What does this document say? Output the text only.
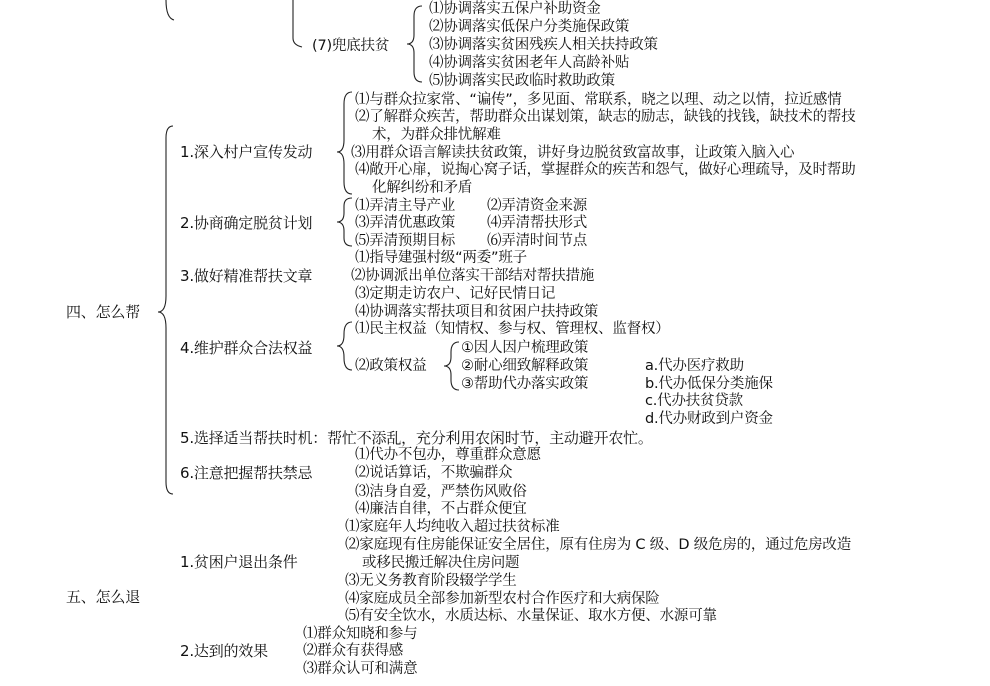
(7)兜底扶贫
⑴协调落实五保户补助资金
⑵协调落实低保户分类施保政策
⑶协调落实贫困残疾人相关扶持政策
⑷协调落实贫困老年人高龄补贴
⑸协调落实民政临时救助政策
四、怎么帮
1.深入村户宣传发动
⑴与群众拉家常、“谝传”，多见面、常联系，晓之以理、动之以情，拉近感情
⑵了解群众疾苦，帮助群众出谋划策，缺志的励志，缺钱的找钱，缺技术的帮技
术，为群众排忧解难
⑶用群众语言解读扶贫政策，讲好身边脱贫致富故事，让政策入脑入心
⑷敞开心扉，说掏心窝子话，掌握群众的疾苦和怨气，做好心理疏导，及时帮助
化解纠纷和矛盾
2.协商确定脱贫计划
⑴弄清主导产业 ⑵弄清资金来源
⑶弄清优惠政策 ⑷弄清帮扶形式
⑸弄清预期目标 ⑹弄清时间节点
3.做好精准帮扶文章
⑴指导建强村级“两委”班子
⑵协调派出单位落实干部结对帮扶措施
⑶定期走访农户、记好民情日记
⑷协调落实帮扶项目和贫困户扶持政策
4.维护群众合法权益
⑴民主权益（知情权、参与权、管理权、监督权）
⑵政策权益
①因人因户梳理政策
②耐心细致解释政策
③帮助代办落实政策
a.代办医疗救助
b.代办低保分类施保
c.代办扶贫贷款
d.代办财政到户资金
5.选择适当帮扶时机：帮忙不添乱，充分利用农闲时节，主动避开农忙。
6.注意把握帮扶禁忌
⑴代办不包办，尊重群众意愿
⑵说话算话，不欺骗群众
⑶洁身自爱，严禁伤风败俗
⑷廉洁自律，不占群众便宜
五、怎么退
1.贫困户退出条件
⑴家庭年人均纯收入超过扶贫标准
⑵家庭现有住房能保证安全居住，原有住房为 C 级、D 级危房的，通过危房改造
或移民搬迁解决住房问题
⑶无义务教育阶段辍学学生
⑷家庭成员全部参加新型农村合作医疗和大病保险
⑸有安全饮水，水质达标、水量保证、取水方便、水源可靠
2.达到的效果
⑴群众知晓和参与
⑵群众有获得感
⑶群众认可和满意
